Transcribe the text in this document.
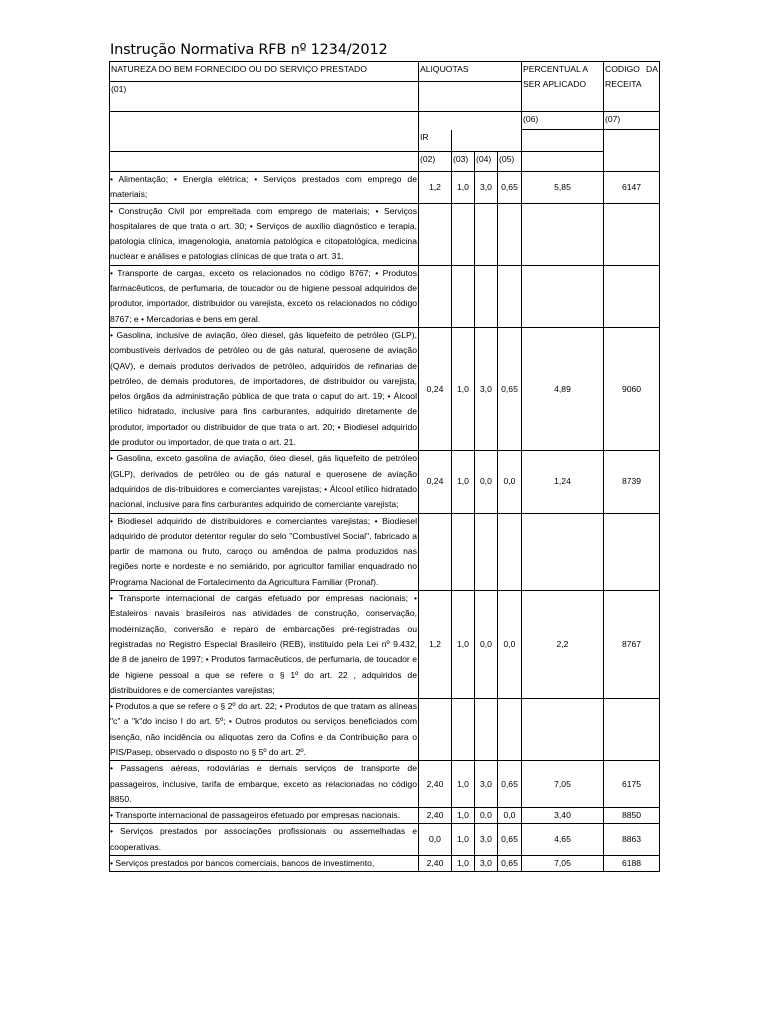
Instrução Normativa RFB nº 1234/2012
NATUREZA DO BEM FORNECIDO OU DO SERVIÇO PRESTADO	ALIQUOTAS				PERCENTUAL A SER APLICADO	CODIGO DA RECEITA
(01)						
					(06)	(07)
	IR					
	(02)	(03)	(04)	(05)		
• Alimentação; • Energia elétrica; • Serviços prestados com emprego de materiais;	1,2	1,0	3,0	0,65	5,85	6147
• Construção Civil por empreitada com emprego de materiais; • Serviços hospitalares de que trata o art. 30; • Serviços de auxílio diagnóstico e terapia, patologia clínica, imagenologia, anatomia patológica e citopatológica, medicina nuclear e análises e patologias clínicas de que trata o art. 31.						
• Transporte de cargas, exceto os relacionados no código 8767; • Produtos farmacêuticos, de perfumaria, de toucador ou de higiene pessoal adquiridos de produtor, importador, distribuidor ou varejista, exceto os relacionados no código 8767; e • Mercadorias e bens em geral.						
• Gasolina, inclusive de aviação, óleo diesel, gás liquefeito de petróleo (GLP), combustíveis derivados de petróleo ou de gás natural, querosene de aviação (QAV), e demais produtos derivados de petróleo, adquiridos de refinarias de petróleo, de demais produtores, de importadores, de distribuidor ou varejista, pelos órgãos da administração pública de que trata o caput do art. 19; • Álcool etílico hidratado, inclusive para fins carburantes, adquirido diretamente de produtor, importador ou distribuidor de que trata o art. 20; • Biodiesel adquirido de produtor ou importador, de que trata o art. 21.	0,24	1,0	3,0	0,65	4,89	9060
• Gasolina, exceto gasolina de aviação, óleo diesel, gás liquefeito de petróleo (GLP), derivados de petróleo ou de gás natural e querosene de aviação adquiridos de dis-tribuidores e comerciantes varejistas; • Álcool etílico hidratado nacional, inclusive para fins carburantes adquirido de comerciante varejista;	0,24	1,0	0,0	0,0	1,24	8739
• Biodiesel adquirido de distribuidores e comerciantes varejistas; • Biodiesel adquirido de produtor detentor regular do selo "Combustível Social", fabricado a partir de mamona ou fruto, caroço ou amêndoa de palma produzidos nas regiões norte e nordeste e no semiárido, por agricultor familiar enquadrado no Programa Nacional de Fortalecimento da Agricultura Familiar (Pronaf).						
• Transporte internacional de cargas efetuado por empresas nacionais; • Estaleiros navais brasileiros nas atividades de construção, conservação, modernização, conversão e reparo de embarcações pré-registradas ou registradas no Registro Especial Brasileiro (REB), instituído pela Lei nº 9.432, de 8 de janeiro de 1997; • Produtos farmacêuticos, de perfumaria, de toucador e de higiene pessoal a que se refere o § 1º do art. 22 , adquiridos de distribuidores e de comerciantes varejistas;	1,2	1,0	0,0	0,0	2,2	8767
• Produtos a que se refere o § 2º do art. 22; • Produtos de que tratam as alíneas "c" a "k"do inciso I do art. 5º; • Outros produtos ou serviços beneficiados com isenção, não incidência ou alíquotas zero da Cofins e da Contribuição para o PIS/Pasep, observado o disposto no § 5º do art. 2º.						
• Passagens aéreas, rodoviárias e demais serviços de transporte de passageiros, inclusive, tarifa de embarque, exceto as relacionadas no código 8850.	2,40	1,0	3,0	0,65	7,05	6175
• Transporte internacional de passageiros efetuado por empresas nacionais.	2,40	1,0	0,0	0,0	3,40	8850
• Serviços prestados por associações profissionais ou assemelhadas e cooperativas.	0,0	1,0	3,0	0,65	4,65	8863
• Serviços prestados por bancos comerciais, bancos de investimento,	2,40	1,0	3,0	0,65	7,05	6188
